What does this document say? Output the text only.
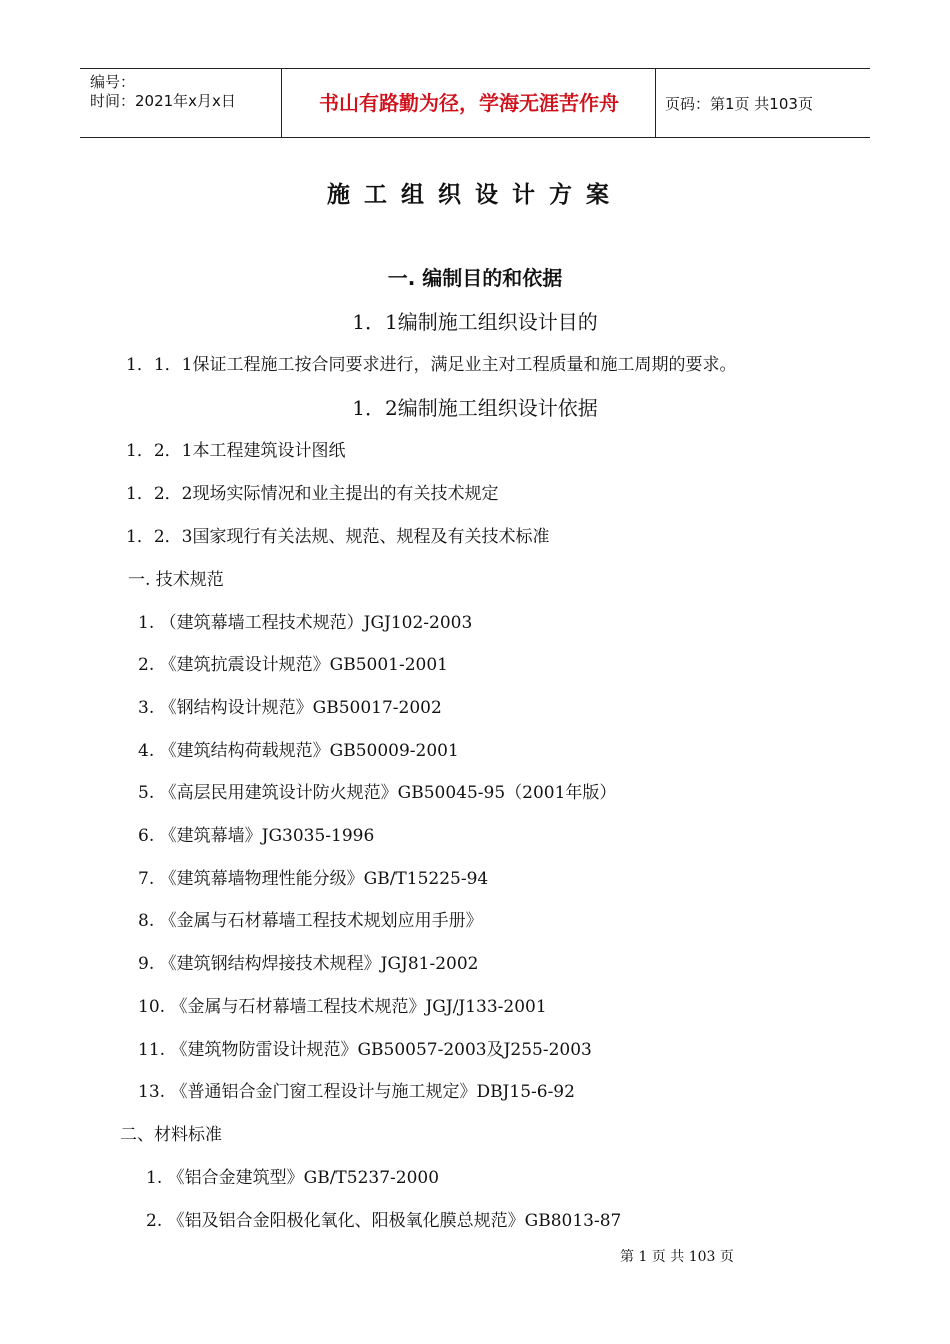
编号：
时间：2021年x月x日	书山有路勤为径，学海无涯苦作舟	页码：第1页 共103页
施工组织设计方案
一. 编制目的和依据
1．1编制施工组织设计目的
1．1．1保证工程施工按合同要求进行，满足业主对工程质量和施工周期的要求。
1．2编制施工组织设计依据
1．2．1本工程建筑设计图纸
1．2．2现场实际情况和业主提出的有关技术规定
1．2．3国家现行有关法规、规范、规程及有关技术标准
一. 技术规范
1. （建筑幕墙工程技术规范）JGJ102-2003
2. 《建筑抗震设计规范》GB5001-2001
3. 《钢结构设计规范》GB50017-2002
4. 《建筑结构荷载规范》GB50009-2001
5. 《高层民用建筑设计防火规范》GB50045-95（2001年版）
6. 《建筑幕墙》JG3035-1996
7. 《建筑幕墙物理性能分级》GB/T15225-94
8. 《金属与石材幕墙工程技术规划应用手册》
9. 《建筑钢结构焊接技术规程》JGJ81-2002
10. 《金属与石材幕墙工程技术规范》JGJ/J133-2001
11. 《建筑物防雷设计规范》GB50057-2003及J255-2003
13. 《普通铝合金门窗工程设计与施工规定》DBJ15-6-92
二、材料标准
1. 《铝合金建筑型》GB/T5237-2000
2. 《铝及铝合金阳极化氧化、阳极氧化膜总规范》GB8013-87
第 1 页 共 103 页
